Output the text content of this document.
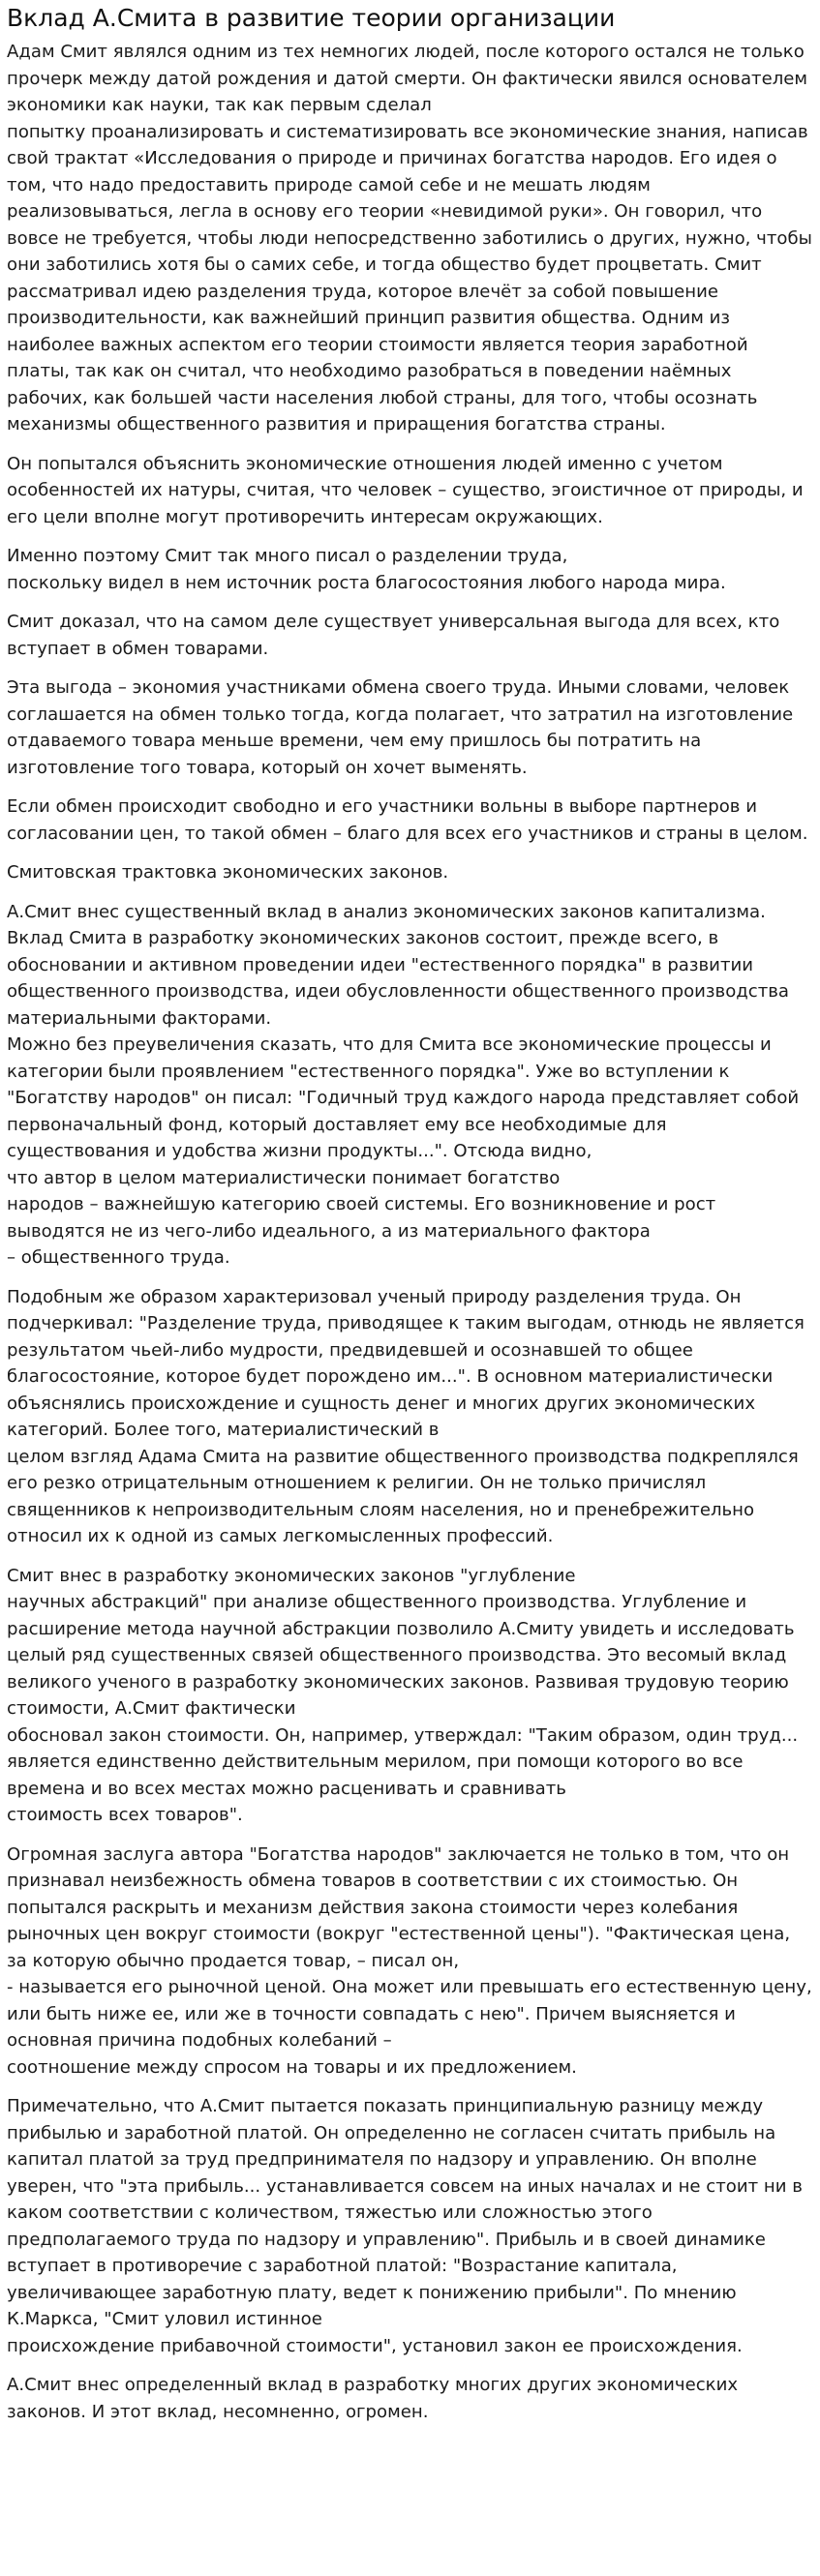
Вклад А.Смита в развитие теории организации

Адам Смит являлся одним из тех немногих людей, после которого остался не только прочерк между датой рождения и датой смерти. Он фактически явился основателем экономики как науки, так как первым сделал
попытку проанализировать и систематизировать все экономические знания, написав свой трактат «Исследования о природе и причинах богатства народов. Его идея о том, что надо предоставить природе самой себе и не мешать людям реализовываться, легла в основу его теории «невидимой руки». Он говорил, что вовсе не требуется, чтобы люди непосредственно заботились о других, нужно, чтобы они заботились хотя бы о самих себе, и тогда общество будет процветать. Смит рассматривал идею разделения труда, которое влечёт за собой повышение производительности, как важнейший принцип развития общества. Одним из наиболее важных аспектом его теории стоимости является теория заработной платы, так как он считал, что необходимо разобраться в поведении наёмных рабочих, как большей части населения любой страны, для того, чтобы осознать механизмы общественного развития и приращения богатства страны.

Он попытался объяснить экономические отношения людей именно с учетом особенностей их натуры, считая, что человек – существо, эгоистичное от природы, и его цели вполне могут противоречить интересам окружающих.

Именно поэтому Смит так много писал о разделении труда,
поскольку видел в нем источник роста благосостояния любого народа мира.

Смит доказал, что на самом деле существует универсальная выгода для всех, кто вступает в обмен товарами.

Эта выгода – экономия участниками обмена своего труда. Иными словами, человек соглашается на обмен только тогда, когда полагает, что затратил на изготовление отдаваемого товара меньше времени, чем ему пришлось бы потратить на изготовление того товара, который он хочет выменять.

Если обмен происходит свободно и его участники вольны в выборе партнеров и согласовании цен, то такой обмен – благо для всех его участников и страны в целом.

Смитовская трактовка экономических законов.

А.Смит внес существенный вклад в анализ экономических законов капитализма. Вклад Смита в разработку экономических законов состоит, прежде всего, в обосновании и активном проведении идеи "естественного порядка" в развитии общественного производства, идеи обусловленности общественного производства материальными факторами.
Можно без преувеличения сказать, что для Смита все экономические процессы и категории были проявлением "естественного порядка". Уже во вступлении к "Богатству народов" он писал: "Годичный труд каждого народа представляет собой первоначальный фонд, который доставляет ему все необходимые для существования и удобства жизни продукты...". Отсюда видно,
что автор в целом материалистически понимает богатство
народов – важнейшую категорию своей системы. Его возникновение и рост выводятся не из чего-либо идеального, а из материального фактора
– общественного труда.

Подобным же образом характеризовал ученый природу разделения труда. Он подчеркивал: "Разделение труда, приводящее к таким выгодам, отнюдь не является результатом чьей-либо мудрости, предвидевшей и осознавшей то общее благосостояние, которое будет порождено им...". В основном материалистически объяснялись происхождение и сущность денег и многих других экономических категорий. Более того, материалистический в
целом взгляд Адама Смита на развитие общественного производства подкреплялся его резко отрицательным отношением к религии. Он не только причислял священников к непроизводительным слоям населения, но и пренебрежительно относил их к одной из самых легкомысленных профессий.

Смит внес в разработку экономических законов "углубление
научных абстракций" при анализе общественного производства. Углубление и расширение метода научной абстракции позволило А.Смиту увидеть и исследовать целый ряд существенных связей общественного производства. Это весомый вклад великого ученого в разработку экономических законов. Развивая трудовую теорию стоимости, А.Смит фактически
обосновал закон стоимости. Он, например, утверждал: "Таким образом, один труд... является единственно действительным мерилом, при помощи которого во все времена и во всех местах можно расценивать и сравнивать
стоимость всех товаров".

Огромная заслуга автора "Богатства народов" заключается не только в том, что он признавал неизбежность обмена товаров в соответствии с их стоимостью. Он попытался раскрыть и механизм действия закона стоимости через колебания рыночных цен вокруг стоимости (вокруг "естественной цены"). "Фактическая цена, за которую обычно продается товар, – писал он,
- называется его рыночной ценой. Она может или превышать его естественную цену, или быть ниже ее, или же в точности совпадать с нею". Причем выясняется и основная причина подобных колебаний –
соотношение между спросом на товары и их предложением.

Примечательно, что А.Смит пытается показать принципиальную разницу между прибылью и заработной платой. Он определенно не согласен считать прибыль на капитал платой за труд предпринимателя по надзору и управлению. Он вполне уверен, что "эта прибыль... устанавливается совсем на иных началах и не стоит ни в каком соответствии с количеством, тяжестью или сложностью этого предполагаемого труда по надзору и управлению". Прибыль и в своей динамике вступает в противоречие с заработной платой: "Возрастание капитала, увеличивающее заработную плату, ведет к понижению прибыли". По мнению К.Маркса, "Смит уловил истинное
происхождение прибавочной стоимости", установил закон ее происхождения.

А.Смит внес определенный вклад в разработку многих других экономических законов. И этот вклад, несомненно, огромен.
